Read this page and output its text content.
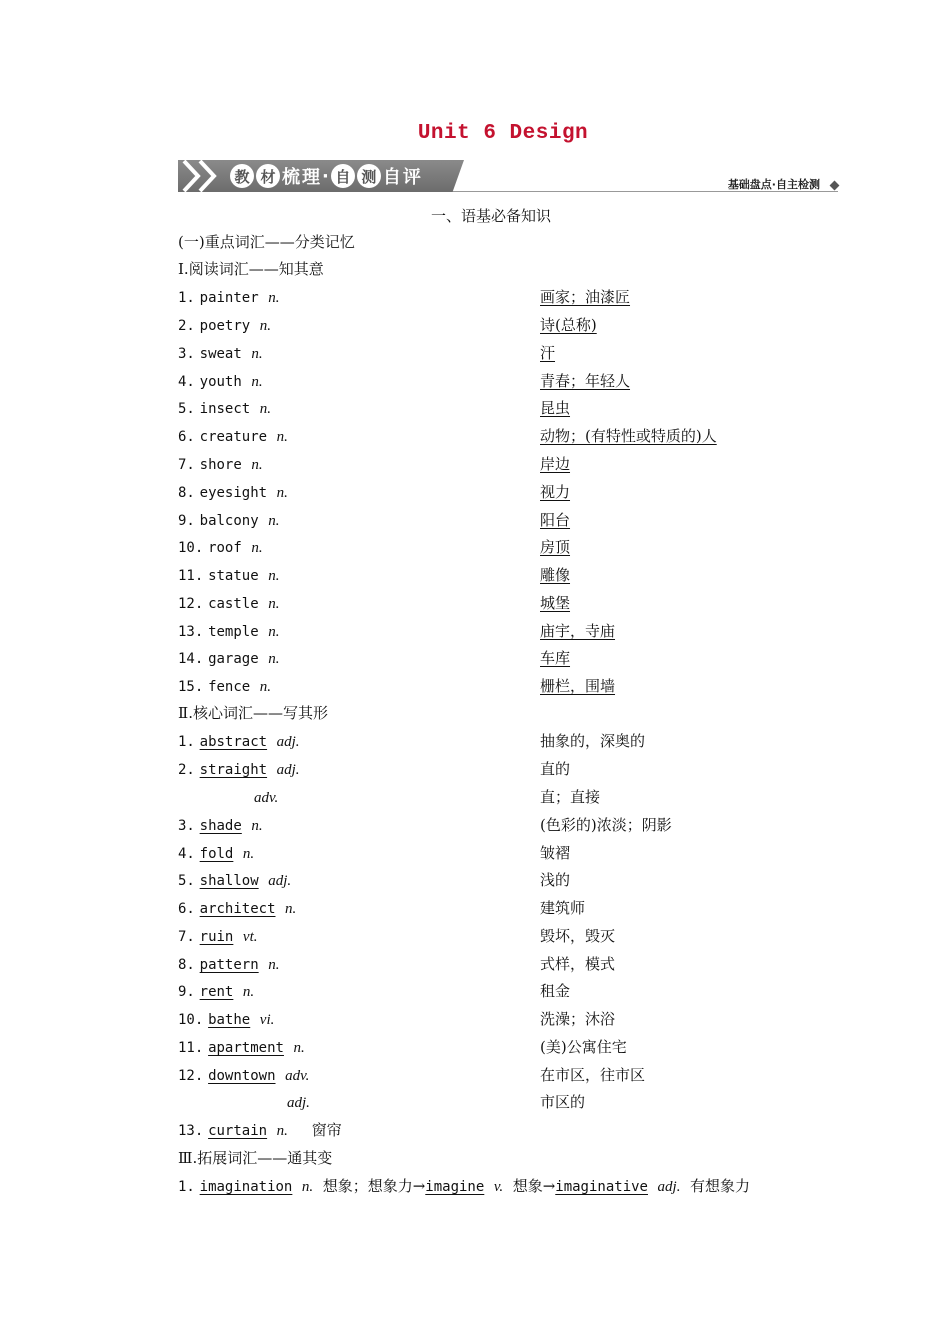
Unit 6 Design
教 材 梳 理 · 自 测 自 评	基础盘点·自主检测
一、语基必备知识
(一)重点词汇——分类记忆
Ⅰ.阅读词汇——知其意
1. painter n.	画家；油漆匠
2. poetry n.	诗(总称)
3. sweat n.	汗
4. youth n.	青春；年轻人
5. insect n.	昆虫
6. creature n.	动物；(有特性或特质的)人
7. shore n.	岸边
8. eyesight n.	视力
9. balcony n.	阳台
10. roof n.	房顶
11. statue n.	雕像
12. castle n.	城堡
13. temple n.	庙宇，寺庙
14. garage n.	车库
15. fence n.	栅栏，围墙
Ⅱ.核心词汇——写其形
1. abstract adj.	抽象的，深奥的
2. straight adj.	直的
adv.	直；直接
3. shade n.	(色彩的)浓淡；阴影
4. fold n.	皱褶
5. shallow adj.	浅的
6. architect n.	建筑师
7. ruin vt.	毁坏，毁灭
8. pattern n.	式样，模式
9. rent n.	租金
10. bathe vi.	洗澡；沐浴
11. apartment n.	(美)公寓住宅
12. downtown adv.	在市区，往市区
adj.	市区的
13. curtain n. 窗帘
Ⅲ.拓展词汇——通其变
1. imagination n. 想象；想象力→imagine v. 想象→imaginative adj. 有想象力
